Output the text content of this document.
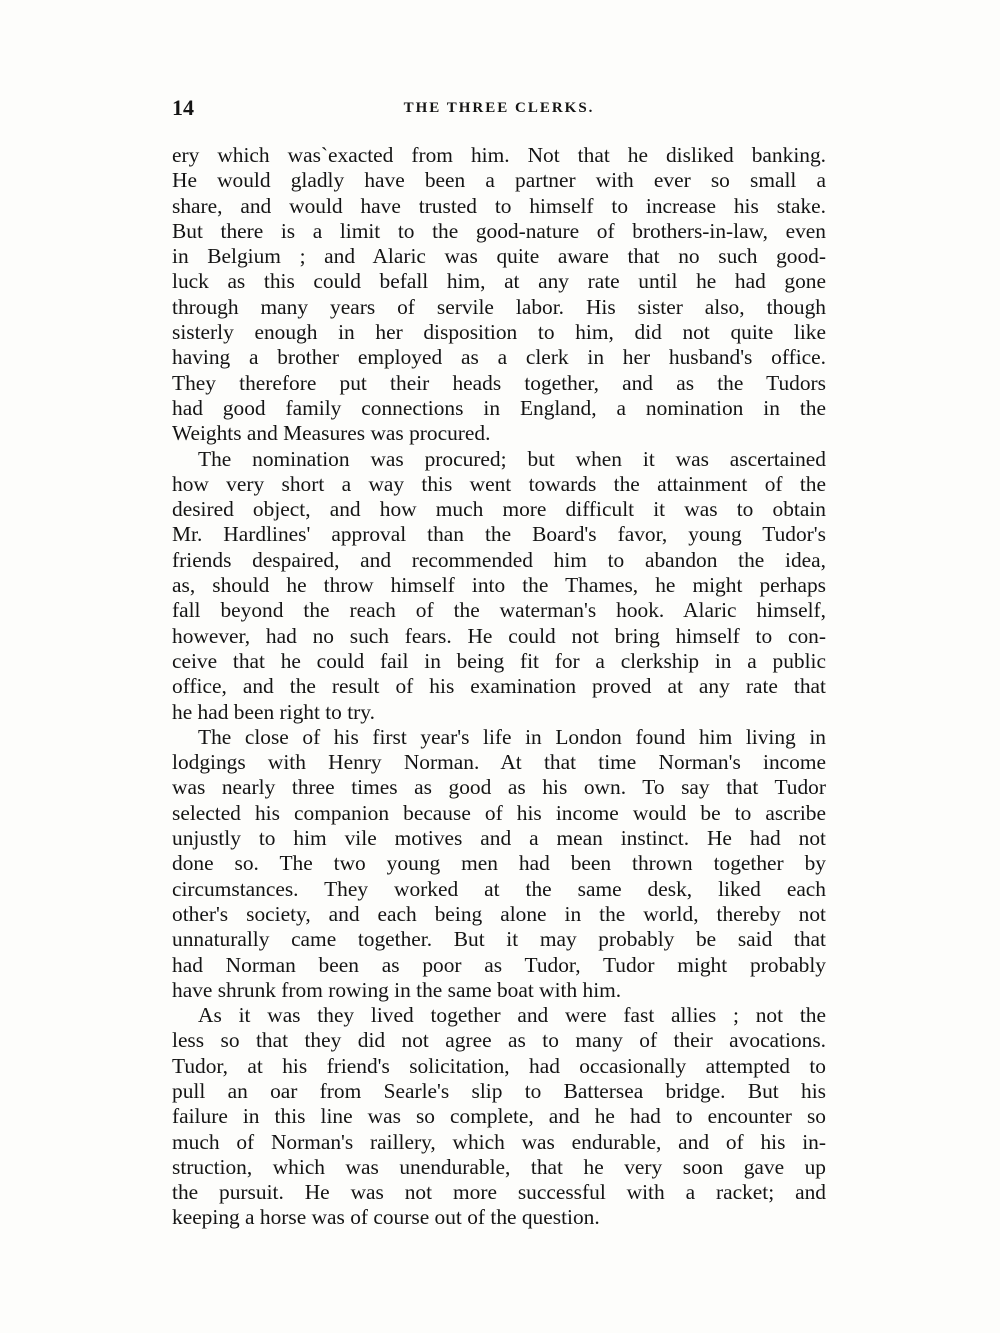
14	THE THREE CLERKS.
ery which was`exacted from him. Not that he disliked banking.
He would gladly have been a partner with ever so small a
share, and would have trusted to himself to increase his stake.
But there is a limit to the good-nature of brothers-in-law, even
in Belgium ; and Alaric was quite aware that no such good-
luck as this could befall him, at any rate until he had gone
through many years of servile labor. His sister also, though
sisterly enough in her disposition to him, did not quite like
having a brother employed as a clerk in her husband's office.
They therefore put their heads together, and as the Tudors
had good family connections in England, a nomination in the
Weights and Measures was procured.
The nomination was procured; but when it was ascertained
how very short a way this went towards the attainment of the
desired object, and how much more difficult it was to obtain
Mr. Hardlines' approval than the Board's favor, young Tudor's
friends despaired, and recommended him to abandon the idea,
as, should he throw himself into the Thames, he might perhaps
fall beyond the reach of the waterman's hook. Alaric himself,
however, had no such fears. He could not bring himself to con-
ceive that he could fail in being fit for a clerkship in a public
office, and the result of his examination proved at any rate that
he had been right to try.
The close of his first year's life in London found him living in
lodgings with Henry Norman. At that time Norman's income
was nearly three times as good as his own. To say that Tudor
selected his companion because of his income would be to ascribe
unjustly to him vile motives and a mean instinct. He had not
done so. The two young men had been thrown together by
circumstances. They worked at the same desk, liked each
other's society, and each being alone in the world, thereby not
unnaturally came together. But it may probably be said that
had Norman been as poor as Tudor, Tudor might probably
have shrunk from rowing in the same boat with him.
As it was they lived together and were fast allies ; not the
less so that they did not agree as to many of their avocations.
Tudor, at his friend's solicitation, had occasionally attempted to
pull an oar from Searle's slip to Battersea bridge. But his
failure in this line was so complete, and he had to encounter so
much of Norman's raillery, which was endurable, and of his in-
struction, which was unendurable, that he very soon gave up
the pursuit. He was not more successful with a racket; and
keeping a horse was of course out of the question.
